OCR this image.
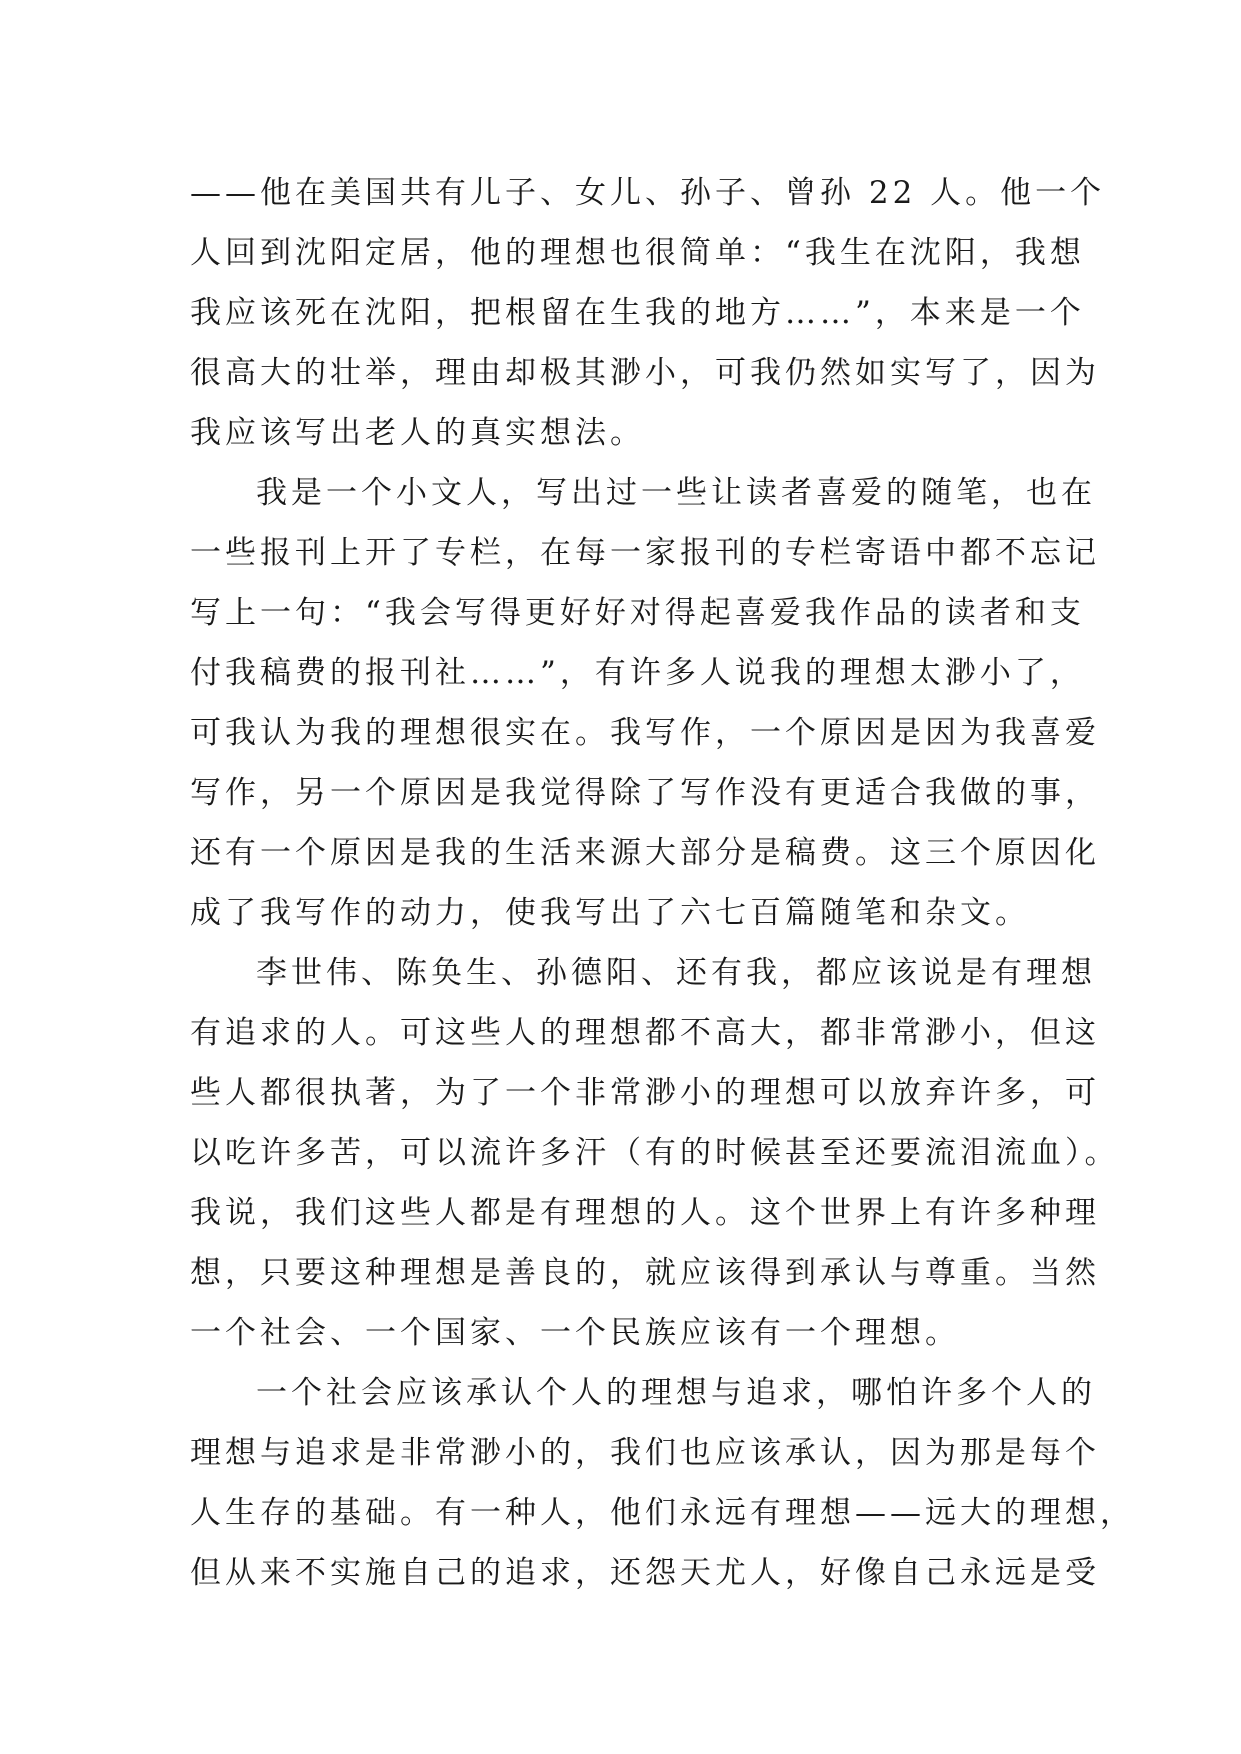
——他在美国共有儿子、女儿、孙子、曾孙 22 人。他一个
人回到沈阳定居，他的理想也很简单：“我生在沈阳，我想
我应该死在沈阳，把根留在生我的地方……”，本来是一个
很高大的壮举，理由却极其渺小，可我仍然如实写了，因为
我应该写出老人的真实想法。
我是一个小文人，写出过一些让读者喜爱的随笔，也在
一些报刊上开了专栏，在每一家报刊的专栏寄语中都不忘记
写上一句：“我会写得更好好对得起喜爱我作品的读者和支
付我稿费的报刊社……”，有许多人说我的理想太渺小了，
可我认为我的理想很实在。我写作，一个原因是因为我喜爱
写作，另一个原因是我觉得除了写作没有更适合我做的事，
还有一个原因是我的生活来源大部分是稿费。这三个原因化
成了我写作的动力，使我写出了六七百篇随笔和杂文。
李世伟、陈奂生、孙德阳、还有我，都应该说是有理想
有追求的人。可这些人的理想都不高大，都非常渺小，但这
些人都很执著，为了一个非常渺小的理想可以放弃许多，可
以吃许多苦，可以流许多汗（有的时候甚至还要流泪流血）。
我说，我们这些人都是有理想的人。这个世界上有许多种理
想，只要这种理想是善良的，就应该得到承认与尊重。当然
一个社会、一个国家、一个民族应该有一个理想。
一个社会应该承认个人的理想与追求，哪怕许多个人的
理想与追求是非常渺小的，我们也应该承认，因为那是每个
人生存的基础。有一种人，他们永远有理想——远大的理想，
但从来不实施自己的追求，还怨天尤人，好像自己永远是受
